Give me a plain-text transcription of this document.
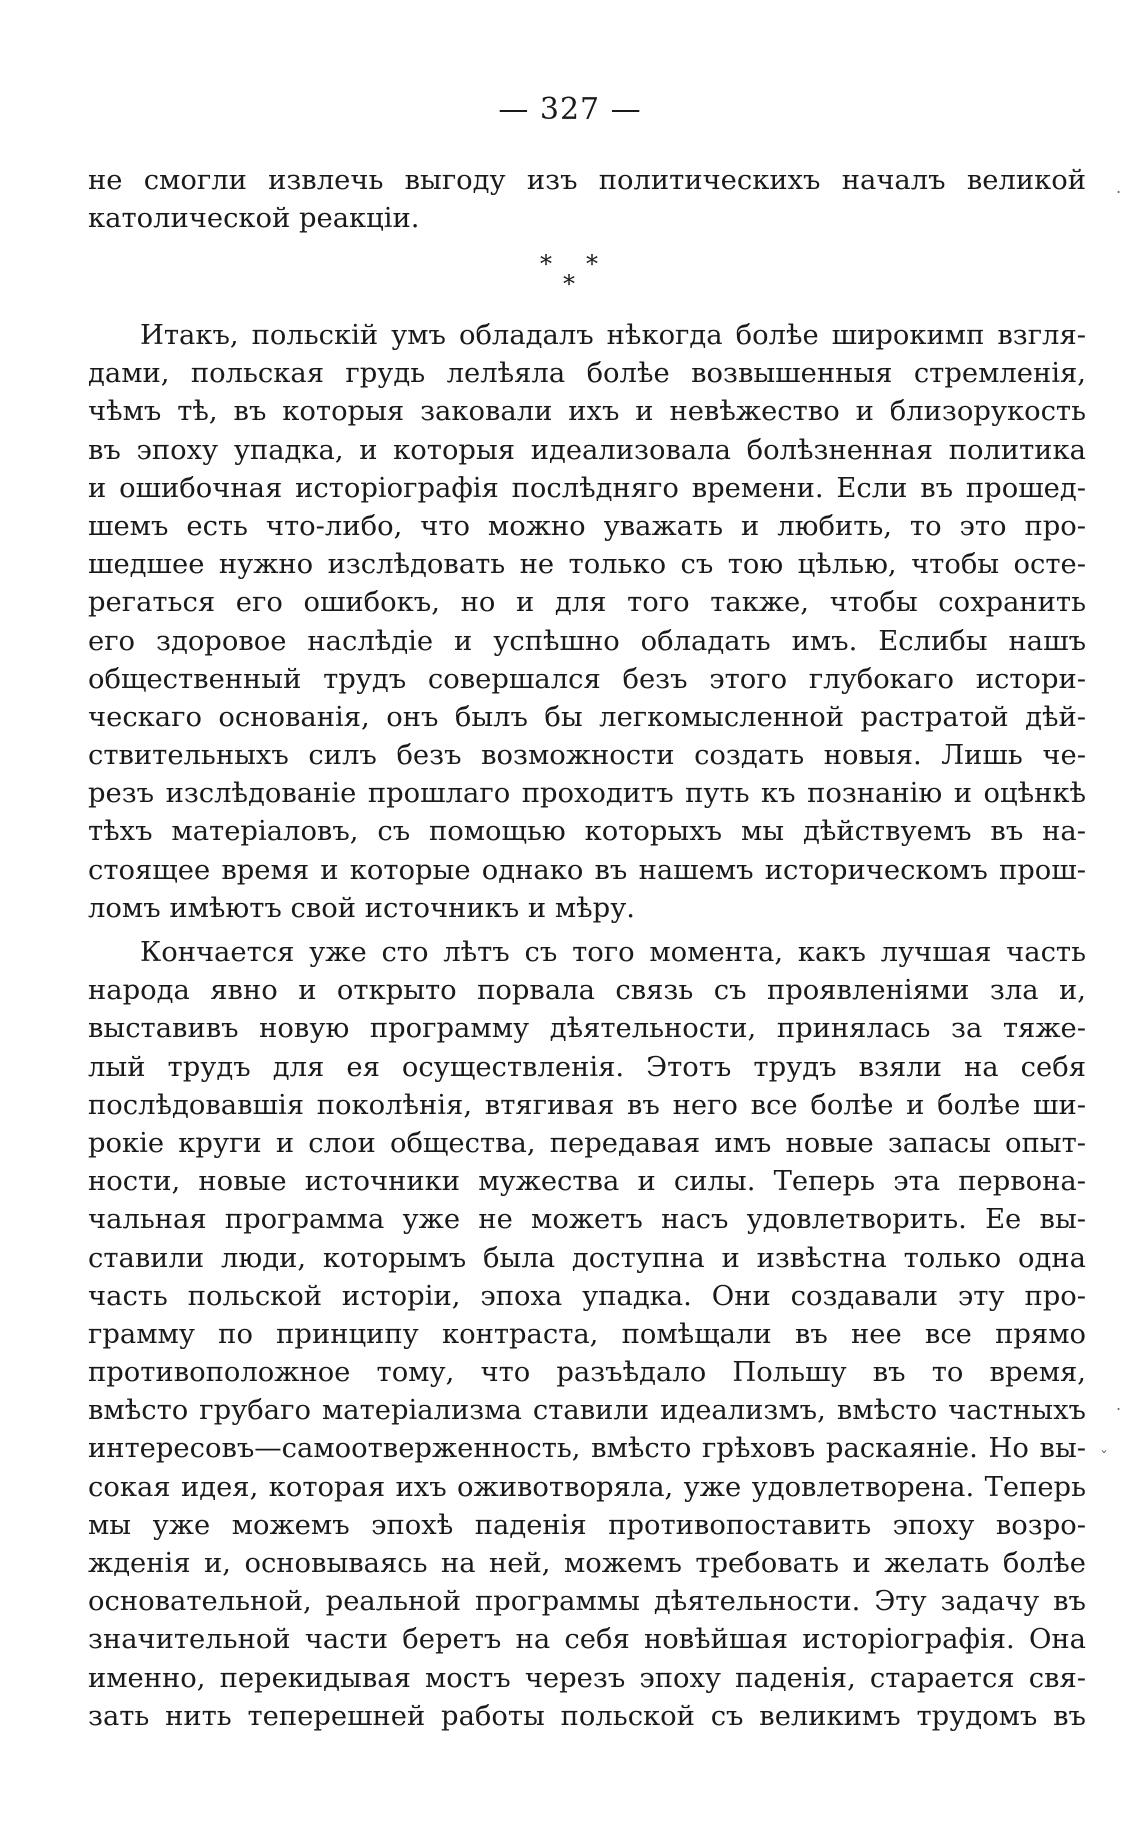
— 327 —
не смогли извлечь выгоду изъ политическихъ началъ великой
католической реакціи.
* *
*
Итакъ, польскій умъ обладалъ нѣкогда болѣе широкимп взгля-
дами, польская грудь лелѣяла болѣе возвышенныя стремленія,
чѣмъ тѣ, въ которыя заковали ихъ и невѣжество и близорукость
въ эпоху упадка, и которыя идеализовала болѣзненная политика
и ошибочная исторіографія послѣдняго времени. Если въ прошед-
шемъ есть что-либо, что можно уважать и любить, то это про-
шедшее нужно изслѣдовать не только съ тою цѣлью, чтобы осте-
регаться его ошибокъ, но и для того также, чтобы сохранить
его здоровое наслѣдіе и успѣшно обладать имъ. Еслибы нашъ
общественный трудъ совершался безъ этого глубокаго истори-
ческаго основанія, онъ былъ бы легкомысленной растратой дѣй-
ствительныхъ силъ безъ возможности создать новыя. Лишь че-
резъ изслѣдованіе прошлаго проходитъ путь къ познанію и оцѣнкѣ
тѣхъ матеріаловъ, съ помощью которыхъ мы дѣйствуемъ въ на-
стоящее время и которые однако въ нашемъ историческомъ прош-
ломъ имѣютъ свой источникъ и мѣру.
Кончается уже сто лѣтъ съ того момента, какъ лучшая часть
народа явно и открыто порвала связь съ проявленіями зла и,
выставивъ новую программу дѣятельности, принялась за тяже-
лый трудъ для ея осуществленія. Этотъ трудъ взяли на себя
послѣдовавшія поколѣнія, втягивая въ него все болѣе и болѣе ши-
рокіе круги и слои общества, передавая имъ новые запасы опыт-
ности, новые источники мужества и силы. Теперь эта первона-
чальная программа уже не можетъ насъ удовлетворить. Ее вы-
ставили люди, которымъ была доступна и извѣстна только одна
часть польской исторіи, эпоха упадка. Они создавали эту про-
грамму по принципу контраста, помѣщали въ нее все прямо
противоположное тому, что разъѣдало Польшу въ то время,
вмѣсто грубаго матеріализма ставили идеализмъ, вмѣсто частныхъ
интересовъ—самоотверженность, вмѣсто грѣховъ раскаяніе. Но вы-
сокая идея, которая ихъ оживотворяла, уже удовлетворена. Теперь
мы уже можемъ эпохѣ паденія противопоставить эпоху возро-
жденія и, основываясь на ней, можемъ требовать и желать болѣе
основательной, реальной программы дѣятельности. Эту задачу въ
значительной части беретъ на себя новѣйшая исторіографія. Она
именно, перекидывая мостъ черезъ эпоху паденія, старается свя-
зать нить теперешней работы польской съ великимъ трудомъ въ
.
.
ˇ
